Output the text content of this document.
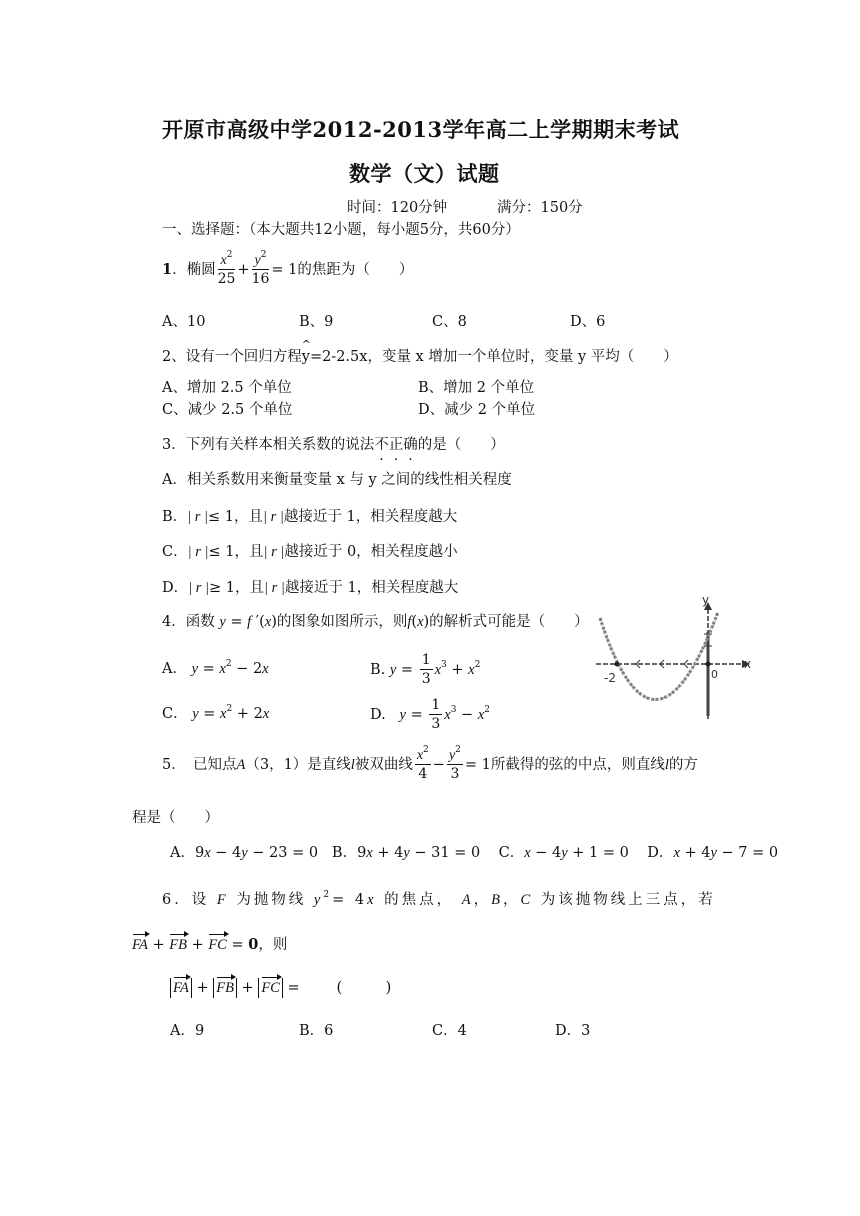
开原市高级中学2012-2013学年高二上学期期末考试
数学（文）试题
时间：120分钟	满分：150分
一、选择题：（本大题共12小题，每小题5分，共60分）
1．椭圆 $\frac{x^2}{25} + \frac{y^2}{16} = 1$的焦距为（　　）
A、10	B、9	C、8	D、6
2、设有一个回归方程^ y=2-2.5x，变量 x 增加一个单位时，变量 y 平均（　　）
A、增加 2.5 个单位	B、增加 2 个单位
C、减少 2.5 个单位	D、减少 2 个单位
3．下列有关样本相关系数的说法不正确的是（　　）
A．相关系数用来衡量变量 x 与 y 之间的线性相关程度
B．| r |≤ 1，且| r |越接近于 1，相关程度越大
C．| r |≤ 1，且| r |越接近于 0，相关程度越小
D．| r |≥ 1，且| r |越接近于 1，相关程度越大
4．函数 y = f ′(x)的图象如图所示，则f(x)的解析式可能是（　　）
A． $y = x^2 - 2x$	B. $y = \frac{1}{3} x^3 + x^2$
C． $y = x^2 + 2x$	D.   $y = \frac{1}{3} x^3 - x^2$
y
x
0
-2
5．　已知点A（3，1）是直线l被双曲线 $\frac{x^2}{4} - \frac{y^2}{3} = 1$所截得的弦的中点，则直线l的方
程是（　　）
A．9x − 4y − 23 = 0   B．9x + 4y − 31 = 0    C．x − 4y + 1 = 0    D．x + 4y − 7 = 0
6．设 F 为抛物线 $y^2= 4x$ 的焦点， A，B，C 为该抛物线上三点，若
FA + FB + FC = 0，则
FA + FB + FC =        (　　　)
A．9	B．6	C．4	D．3
